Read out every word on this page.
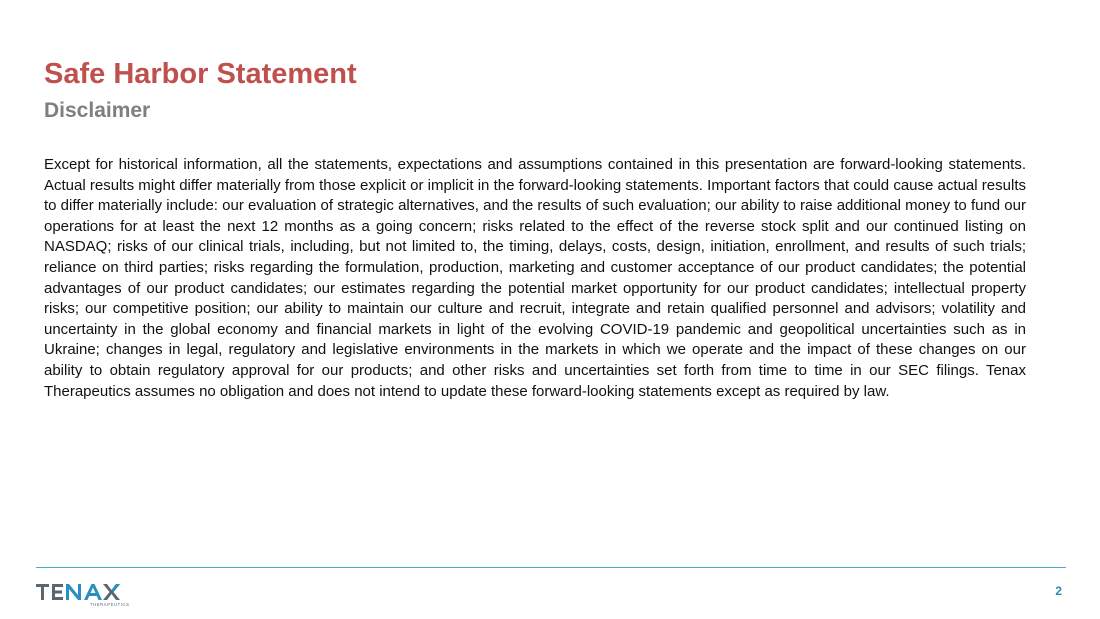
Safe Harbor Statement
Disclaimer

Except for historical information, all the statements, expectations and assumptions contained in this presentation are forward-looking statements. Actual results might differ materially from those explicit or implicit in the forward-looking statements. Important factors that could cause actual results to differ materially include: our evaluation of strategic alternatives, and the results of such evaluation; our ability to raise additional money to fund our operations for at least the next 12 months as a going concern; risks related to the effect of the reverse stock split and our continued listing on NASDAQ; risks of our clinical trials, including, but not limited to, the timing, delays, costs, design, initiation, enrollment, and results of such trials; reliance on third parties; risks regarding the formulation, production, marketing and customer acceptance of our product candidates; the potential advantages of our product candidates; our estimates regarding the potential market opportunity for our product candidates; intellectual property risks; our competitive position; our ability to maintain our culture and recruit, integrate and retain qualified personnel and advisors; volatility and uncertainty in the global economy and financial markets in light of the evolving COVID-19 pandemic and geopolitical uncertainties such as in Ukraine; changes in legal, regulatory and legislative environments in the markets in which we operate and the impact of these changes on our ability to obtain regulatory approval for our products; and other risks and uncertainties set forth from time to time in our SEC filings. Tenax Therapeutics assumes no obligation and does not intend to update these forward-looking statements except as required by law.

THERAPEUTICS
2
